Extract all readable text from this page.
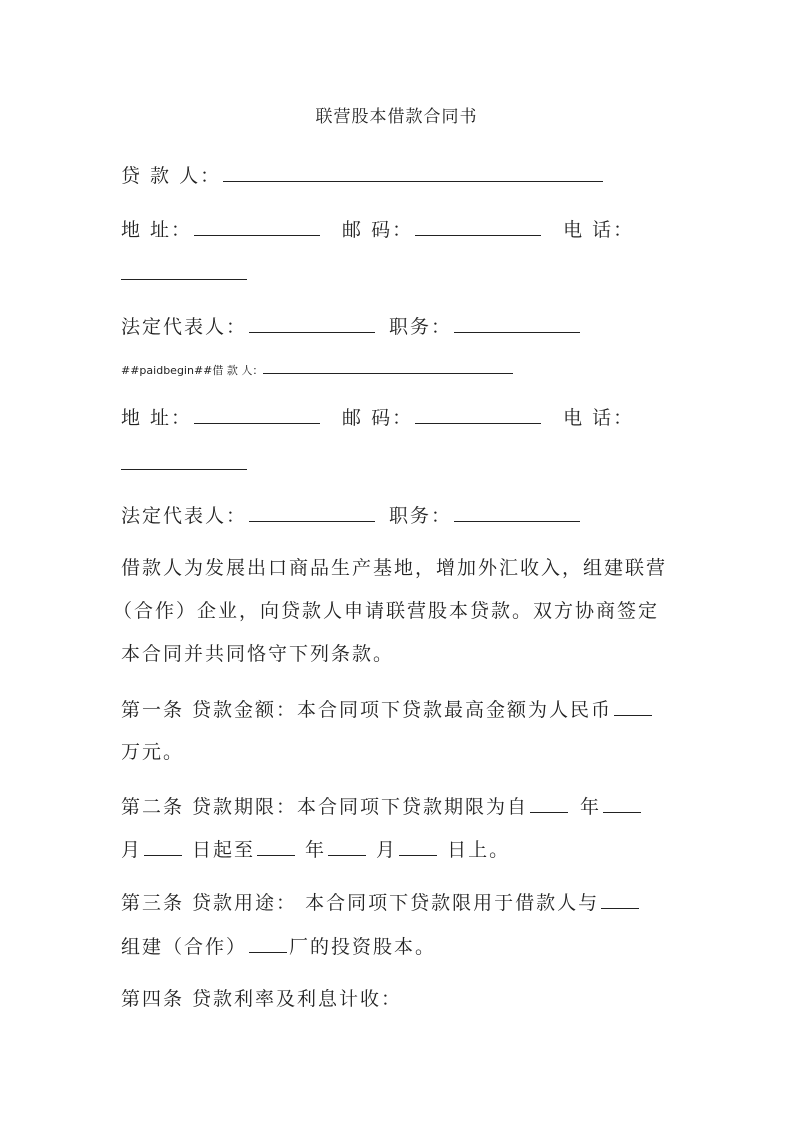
联营股本借款合同书
贷 款 人：
地 址：	邮 码：	电 话：
法定代表人：	职务：
##paidbegin##借 款 人：
地 址：	邮 码：	电 话：
法定代表人：	职务：
借款人为发展出口商品生产基地，增加外汇收入，组建联营
（合作）企业，向贷款人申请联营股本贷款。双方协商签定
本合同并共同恪守下列条款。
第一条 贷款金额：本合同项下贷款最高金额为人民币
万元。
第二条 贷款期限：本合同项下贷款期限为自	年
月	日起至	年	月	日上。
第三条 贷款用途： 本合同项下贷款限用于借款人与
组建（合作） 厂的投资股本。
第四条 贷款利率及利息计收：
